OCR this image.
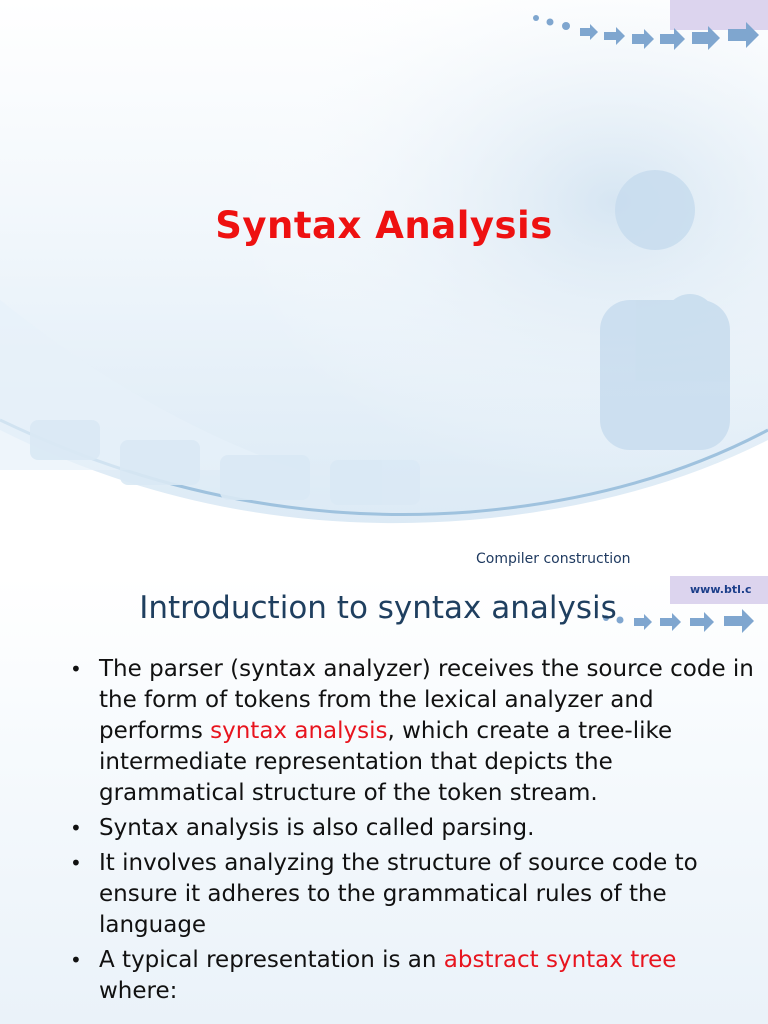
Syntax Analysis
Compiler construction
www.btl.c
Introduction to syntax analysis
• The parser (syntax analyzer) receives the source code in the form of tokens from the lexical analyzer and performs syntax analysis, which create a tree-like intermediate representation that depicts the grammatical structure of the token stream.
• Syntax analysis is also called parsing.
• It involves analyzing the structure of source code to ensure it adheres to the grammatical rules of the language
• A typical representation is an abstract syntax tree where:
